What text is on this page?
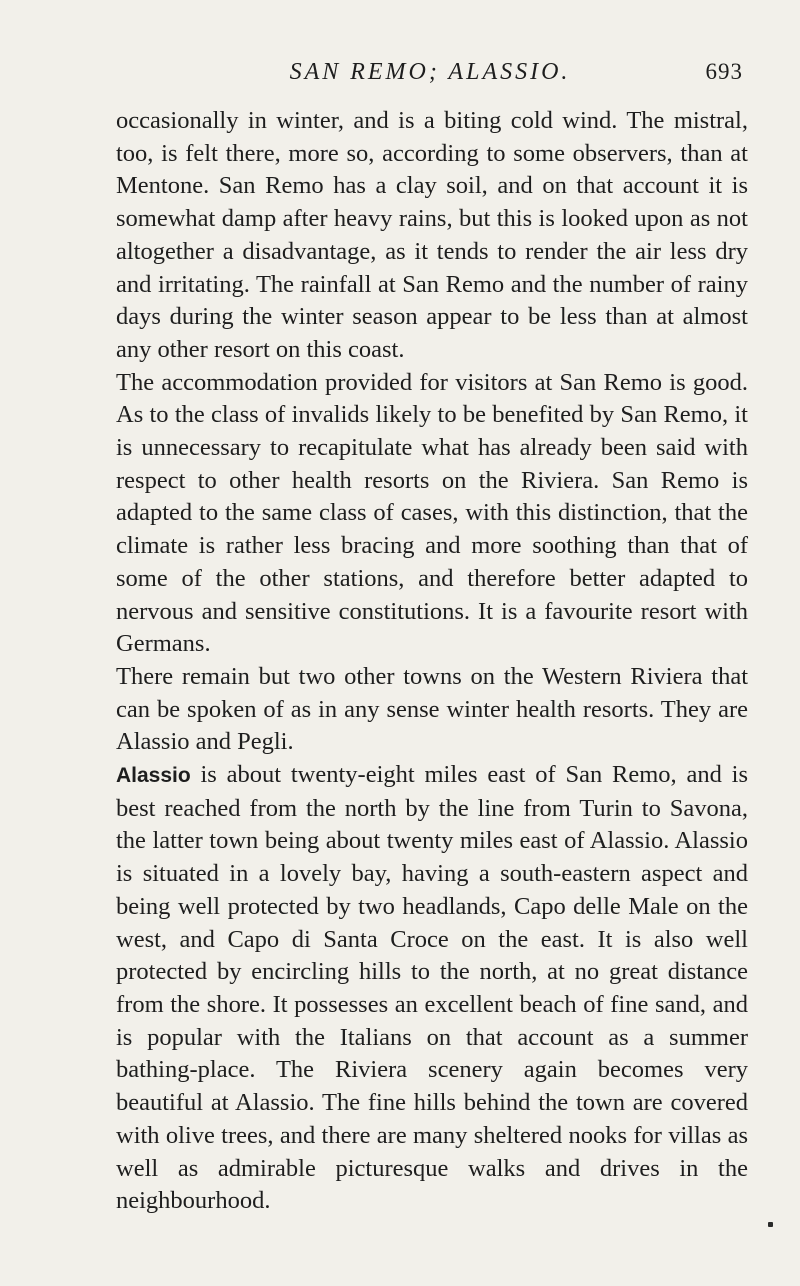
SAN REMO; ALASSIO.	693

occasionally in winter, and is a biting cold wind. The mistral, too, is felt there, more so, according to some observers, than at Mentone. San Remo has a clay soil, and on that account it is somewhat damp after heavy rains, but this is looked upon as not altogether a disadvantage, as it tends to render the air less dry and irritating. The rainfall at San Remo and the number of rainy days during the winter season appear to be less than at almost any other resort on this coast.

The accommodation provided for visitors at San Remo is good. As to the class of invalids likely to be benefited by San Remo, it is unnecessary to recapitulate what has already been said with respect to other health resorts on the Riviera. San Remo is adapted to the same class of cases, with this distinction, that the climate is rather less bracing and more soothing than that of some of the other stations, and therefore better adapted to nervous and sensitive constitutions. It is a favourite resort with Germans.

There remain but two other towns on the Western Riviera that can be spoken of as in any sense winter health resorts. They are Alassio and Pegli.

Alassio is about twenty-eight miles east of San Remo, and is best reached from the north by the line from Turin to Savona, the latter town being about twenty miles east of Alassio. Alassio is situated in a lovely bay, having a south-eastern aspect and being well protected by two headlands, Capo delle Male on the west, and Capo di Santa Croce on the east. It is also well protected by encircling hills to the north, at no great distance from the shore. It possesses an excellent beach of fine sand, and is popular with the Italians on that account as a summer bathing-place. The Riviera scenery again becomes very beautiful at Alassio. The fine hills behind the town are covered with olive trees, and there are many sheltered nooks for villas as well as admirable picturesque walks and drives in the neighbourhood.
